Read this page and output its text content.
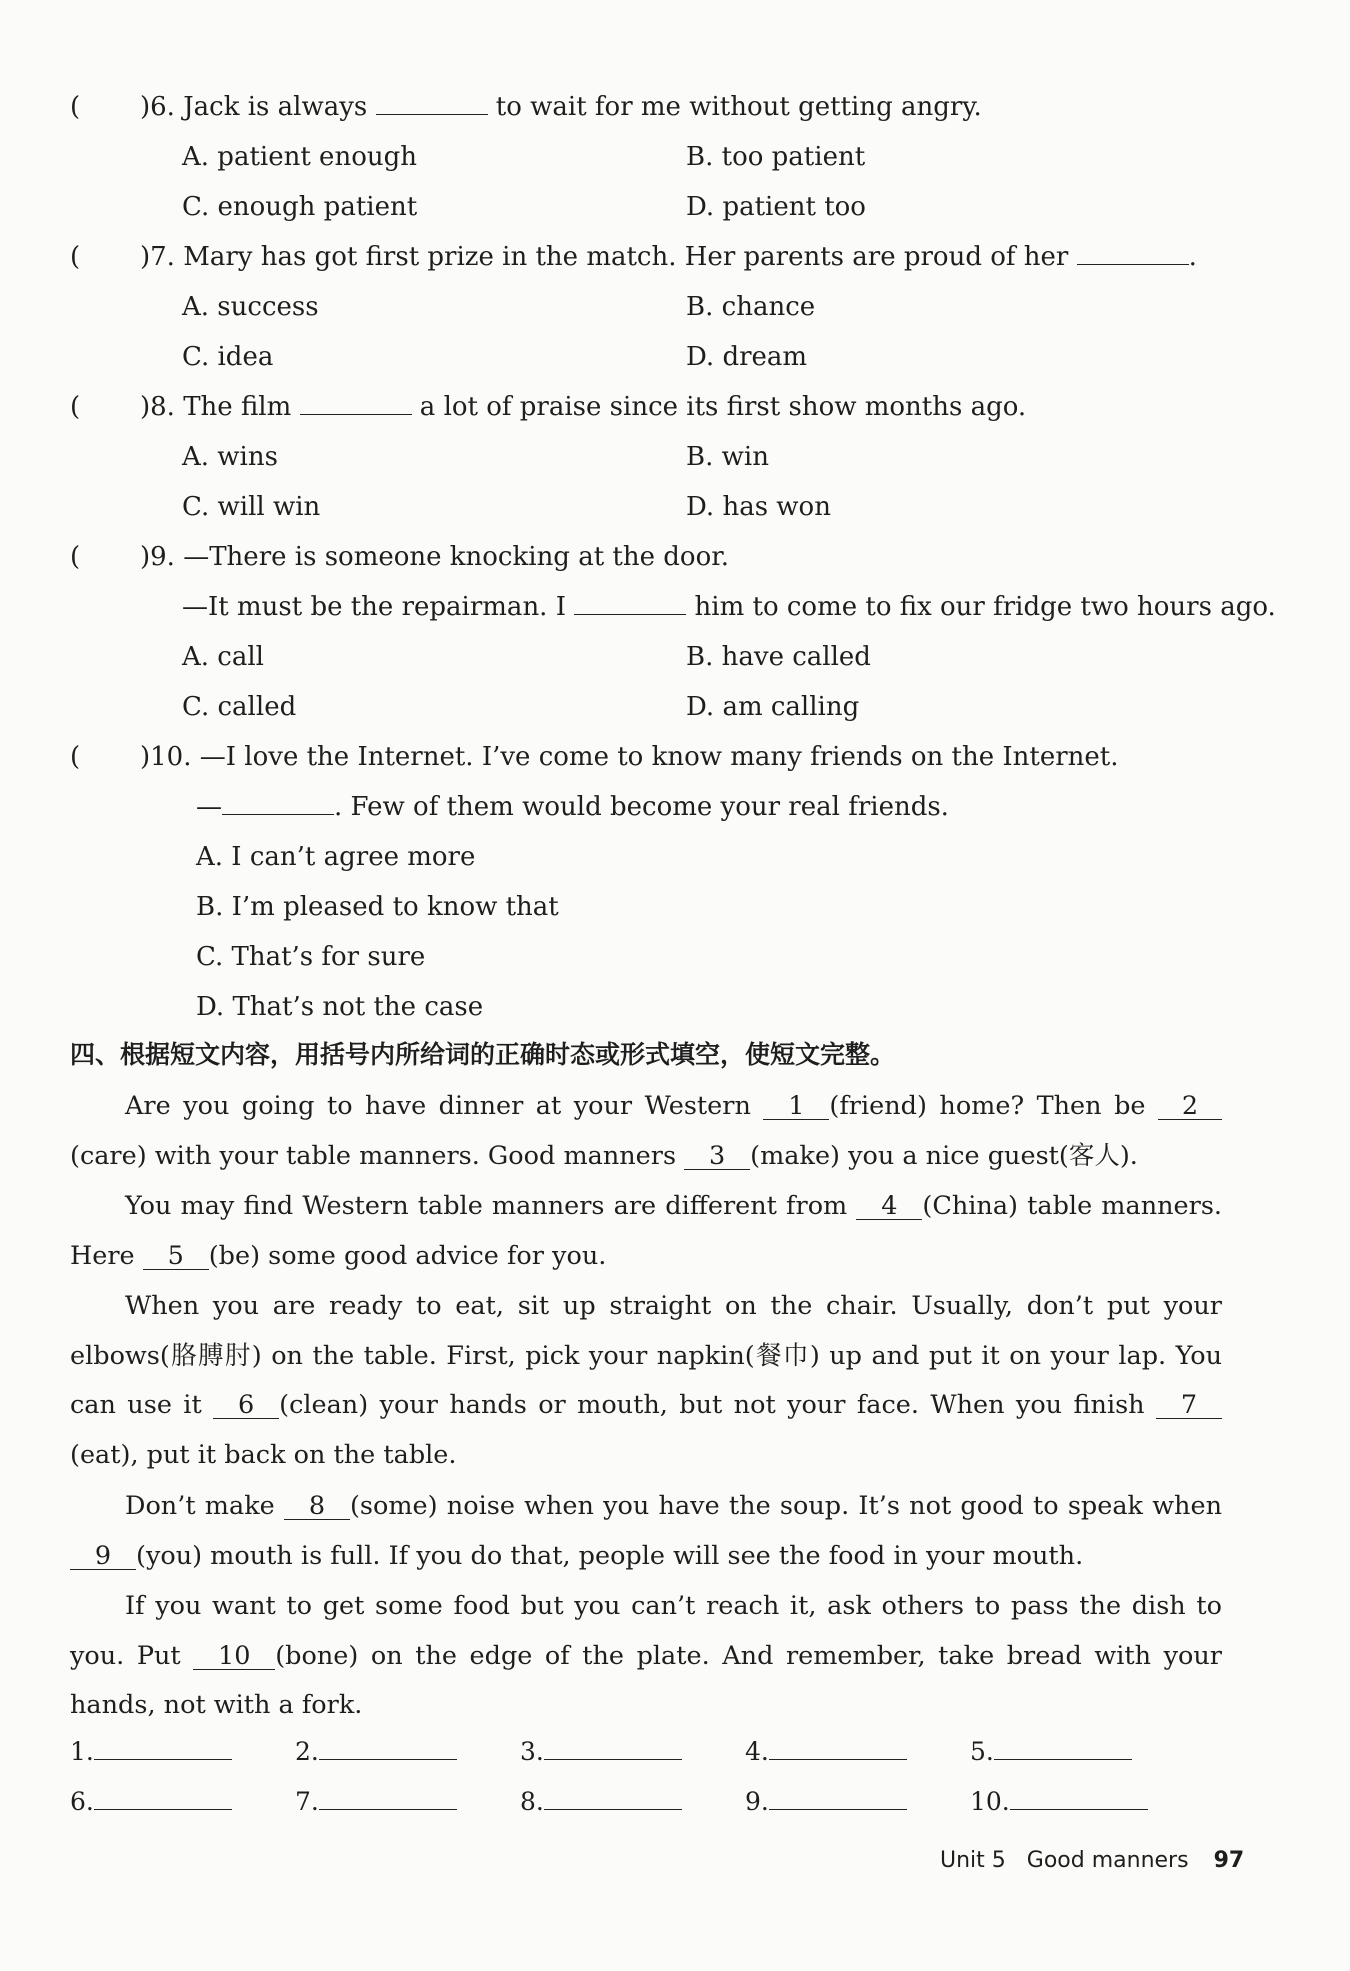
( )6. Jack is always	to wait for me without getting angry.
A. patient enough	B. too patient
C. enough patient	D. patient too
( )7. Mary has got first prize in the match. Her parents are proud of her	.
A. success	B. chance
C. idea	D. dream
( )8. The film	a lot of praise since its first show months ago.
A. wins	B. win
C. will win	D. has won
( )9. —There is someone knocking at the door.
—It must be the repairman. I	him to come to fix our fridge two hours ago.
A. call	B. have called
C. called	D. am calling
( )10. —I love the Internet. I’ve come to know many friends on the Internet.
—	. Few of them would become your real friends.
A. I can’t agree more
B. I’m pleased to know that
C. That’s for sure
D. That’s not the case
四、根据短文内容，用括号内所给词的正确时态或形式填空，使短文完整。
Are you going to have dinner at your Western 1 (friend) home? Then be 2(care) with your table manners. Good manners 3 (make) you a nice guest(客人).
You may find Western table manners are different from 4 (China) table manners. Here 5 (be) some good advice for you.
When you are ready to eat, sit up straight on the chair. Usually, don’t put your elbows(胳膊肘) on the table. First, pick your napkin(餐巾) up and put it on your lap. You can use it 6 (clean) your hands or mouth, but not your face. When you finish 7(eat), put it back on the table.
Don’t make 8 (some) noise when you have the soup. It’s not good to speak when 9 (you) mouth is full. If you do that, people will see the food in your mouth.
If you want to get some food but you can’t reach it, ask others to pass the dish to you. Put 10 (bone) on the edge of the plate. And remember, take bread with your hands, not with a fork.
1.	2.	3.	4.	5.
6.	7.	8.	9.	10.
Unit 5 Good manners 97
